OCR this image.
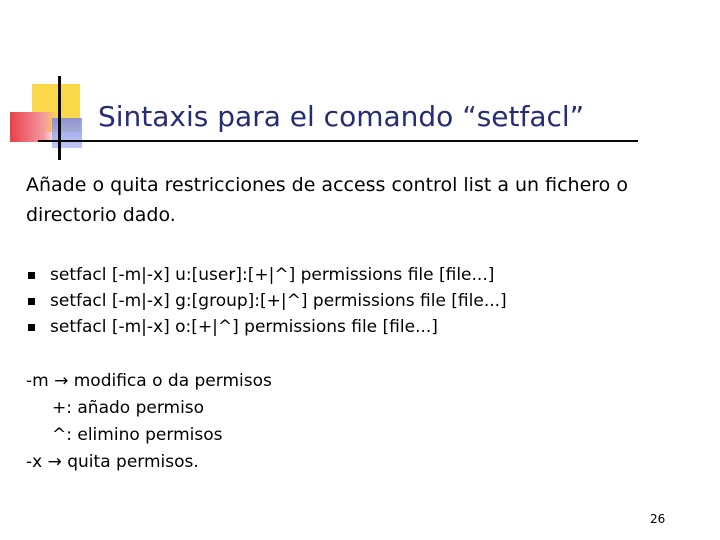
Sintaxis para el comando “setfacl”
Añade o quita restricciones de access control list a un fichero o directorio dado.
setfacl [-m|-x] u:[user]:[+|^] permissions file [file...]
setfacl [-m|-x] g:[group]:[+|^] permissions file [file...]
setfacl [-m|-x] o:[+|^] permissions file [file...]
-m → modifica o da permisos
+: añado permiso
^: elimino permisos
-x → quita permisos.
26
